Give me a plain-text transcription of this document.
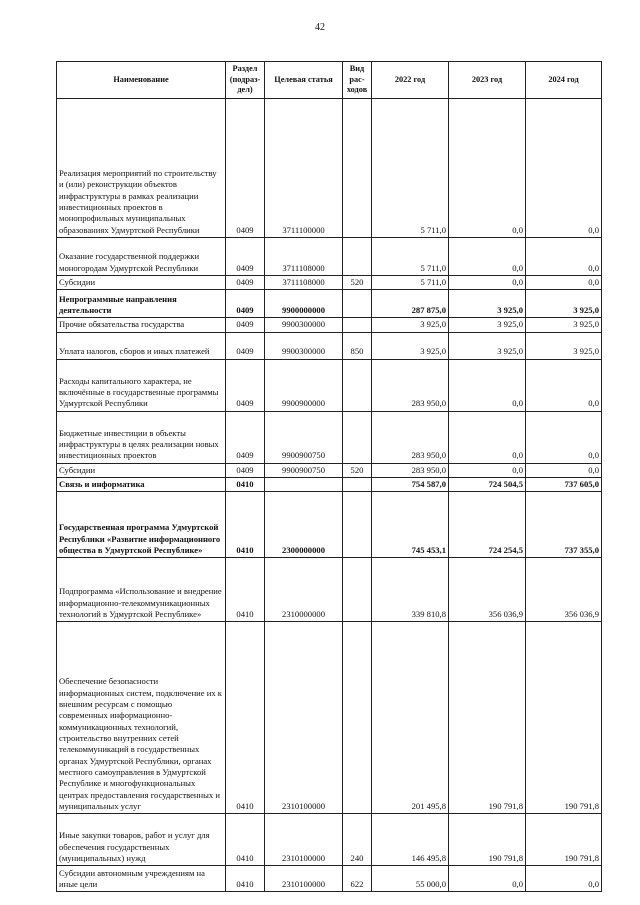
42
Наименование	Раздел (подраз-дел)	Целевая статья	Вид рас-ходов	2022 год	2023 год	2024 год
Реализация мероприятий по строительству и (или) реконструкции объектов инфраструктуры в рамках реализации инвестиционных проектов в монопрофильных муниципальных образованиях Удмуртской Республики	0409	3711100000		5 711,0	0,0	0,0
Оказание государственной поддержки моногородам Удмуртской Республики	0409	3711108000		5 711,0	0,0	0,0
Субсидии	0409	3711108000	520	5 711,0	0,0	0,0
Непрограммные направления деятельности	0409	9900000000		287 875,0	3 925,0	3 925,0
Прочие обязательства государства	0409	9900300000		3 925,0	3 925,0	3 925,0
Уплата налогов, сборов и иных платежей	0409	9900300000	850	3 925,0	3 925,0	3 925,0
Расходы капитального характера, не включённые в государственные программы Удмуртской Республики	0409	9900900000		283 950,0	0,0	0,0
Бюджетные инвестиции в объекты инфраструктуры в целях реализации новых инвестиционных проектов	0409	9900900750		283 950,0	0,0	0,0
Субсидии	0409	9900900750	520	283 950,0	0,0	0,0
Связь и информатика	0410			754 587,0	724 504,5	737 605,0
Государственная программа Удмуртской Республики «Развитие информационного общества в Удмуртской Республике»	0410	2300000000		745 453,1	724 254,5	737 355,0
Подпрограмма «Использование и внедрение информационно-телекоммуникационных технологий в Удмуртской Республике»	0410	2310000000		339 810,8	356 036,9	356 036,9
Обеспечение безопасности информационных систем, подключение их к внешним ресурсам с помощью современных информационно-коммуникационных технологий, строительство внутренних сетей телекоммуникаций в государственных органах Удмуртской Республики, органах местного самоуправления в Удмуртской Республике и многофункциональных центрах предоставления государственных и муниципальных услуг	0410	2310100000		201 495,8	190 791,8	190 791,8
Иные закупки товаров, работ и услуг для обеспечения государственных (муниципальных) нужд	0410	2310100000	240	146 495,8	190 791,8	190 791,8
Субсидии автономным учреждениям на иные цели	0410	2310100000	622	55 000,0	0,0	0,0
